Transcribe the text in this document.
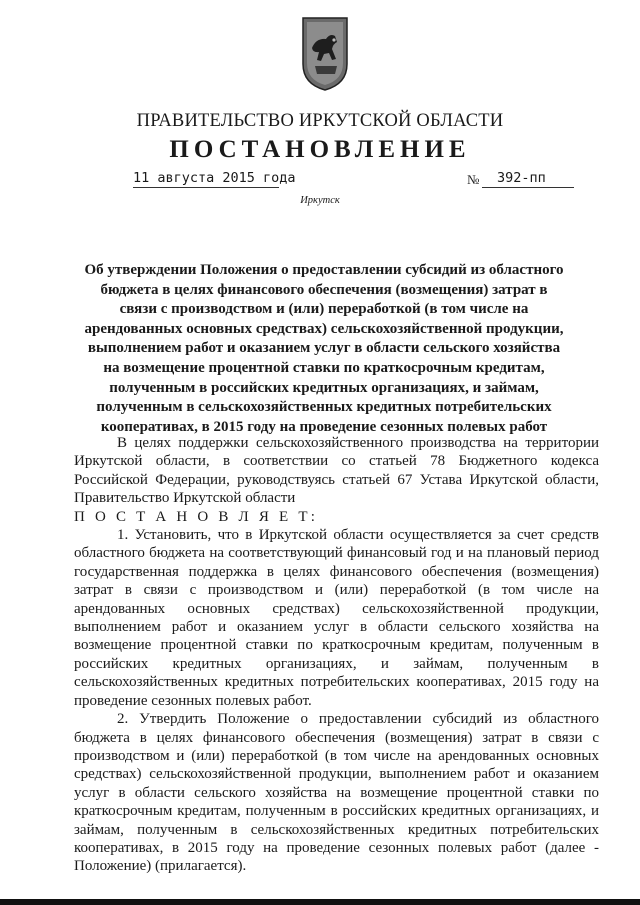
ПРАВИТЕЛЬСТВО ИРКУТСКОЙ ОБЛАСТИ
ПОСТАНОВЛЕНИЕ
11 августа 2015 года	№ 392-пп
Иркутск
Об утверждении Положения о предоставлении субсидий из областного бюджета в целях финансового обеспечения (возмещения) затрат в связи с производством и (или) переработкой (в том числе на арендованных основных средствах) сельскохозяйственной продукции, выполнением работ и оказанием услуг в области сельского хозяйства на возмещение процентной ставки по краткосрочным кредитам, полученным в российских кредитных организациях, и займам, полученным в сельскохозяйственных кредитных потребительских кооперативах, в 2015 году на проведение сезонных полевых работ

В целях поддержки сельскохозяйственного производства на территории Иркутской области, в соответствии со статьей 78 Бюджетного кодекса Российской Федерации, руководствуясь статьей 67 Устава Иркутской области, Правительство Иркутской области

П О С Т А Н О В Л Я Е Т:

1. Установить, что в Иркутской области осуществляется за счет средств областного бюджета на соответствующий финансовый год и на плановый период государственная поддержка в целях финансового обеспечения (возмещения) затрат в связи с производством и (или) переработкой (в том числе на арендованных основных средствах) сельскохозяйственной продукции, выполнением работ и оказанием услуг в области сельского хозяйства на возмещение процентной ставки по краткосрочным кредитам, полученным в российских кредитных организациях, и займам, полученным в сельскохозяйственных кредитных потребительских кооперативах, 2015 году на проведение сезонных полевых работ.

2. Утвердить Положение о предоставлении субсидий из областного бюджета в целях финансового обеспечения (возмещения) затрат в связи с производством и (или) переработкой (в том числе на арендованных основных средствах) сельскохозяйственной продукции, выполнением работ и оказанием услуг в области сельского хозяйства на возмещение процентной ставки по краткосрочным кредитам, полученным в российских кредитных организациях, и займам, полученным в сельскохозяйственных кредитных потребительских кооперативах, в 2015 году на проведение сезонных полевых работ (далее - Положение) (прилагается).
